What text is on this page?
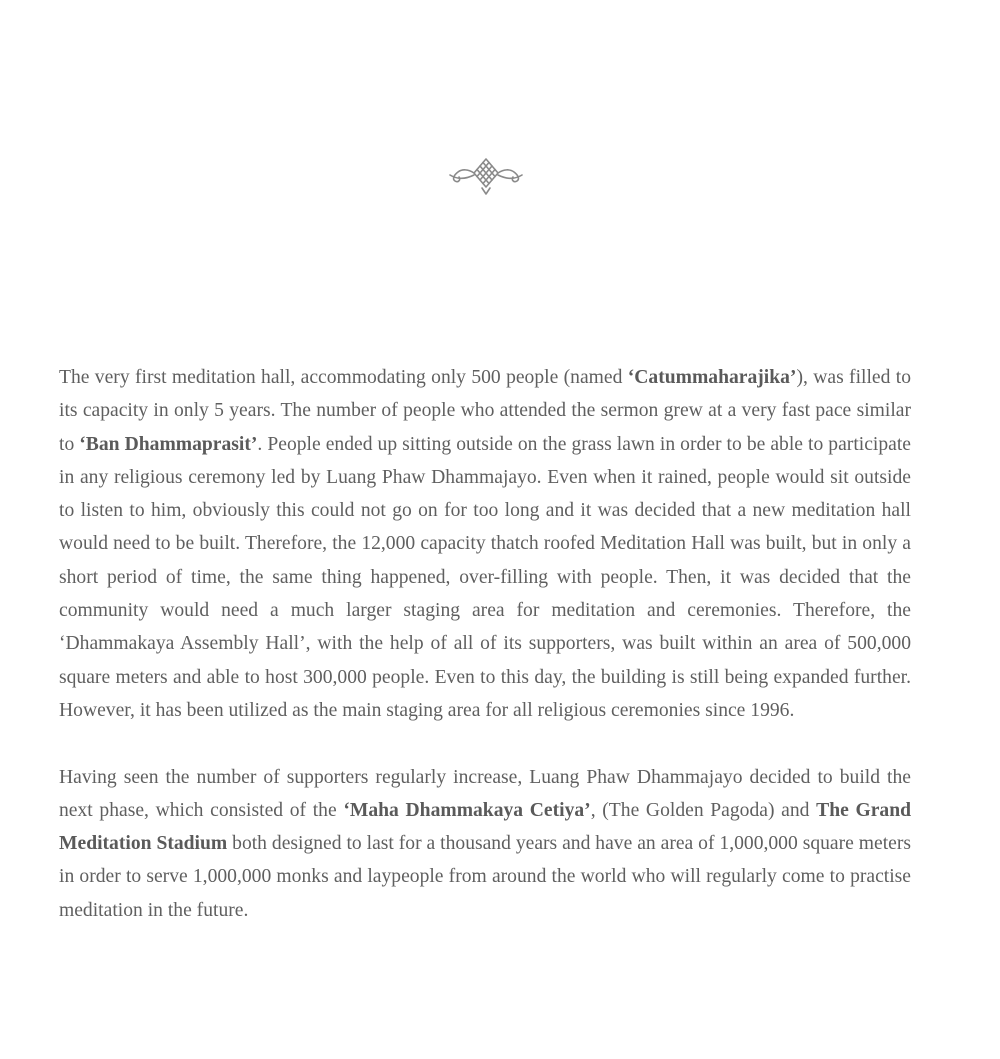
The very first meditation hall, accommodating only 500 people (named ‘Catummaharajika’), was filled to its capacity in only 5 years. The number of people who attended the sermon grew at a very fast pace similar to ‘Ban Dhammaprasit’. People ended up sitting outside on the grass lawn in order to be able to participate in any religious ceremony led by Luang Phaw Dhammajayo. Even when it rained, people would sit outside to listen to him, obviously this could not go on for too long and it was decided that a new meditation hall would need to be built. Therefore, the 12,000 capacity thatch roofed Meditation Hall was built, but in only a short period of time, the same thing happened, over-filling with people. Then, it was decided that the community would need a much larger staging area for meditation and ceremonies. Therefore, the ‘Dhammakaya Assembly Hall’, with the help of all of its supporters, was built within an area of 500,000 square meters and able to host 300,000 people. Even to this day, the building is still being expanded further. However, it has been utilized as the main staging area for all religious ceremonies since 1996.

Having seen the number of supporters regularly increase, Luang Phaw Dhammajayo decided to build the next phase, which consisted of the ‘Maha Dhammakaya Cetiya’, (The Golden Pagoda) and The Grand Meditation Stadium both designed to last for a thousand years and have an area of 1,000,000 square meters in order to serve 1,000,000 monks and laypeople from around the world who will regularly come to practise meditation in the future.
